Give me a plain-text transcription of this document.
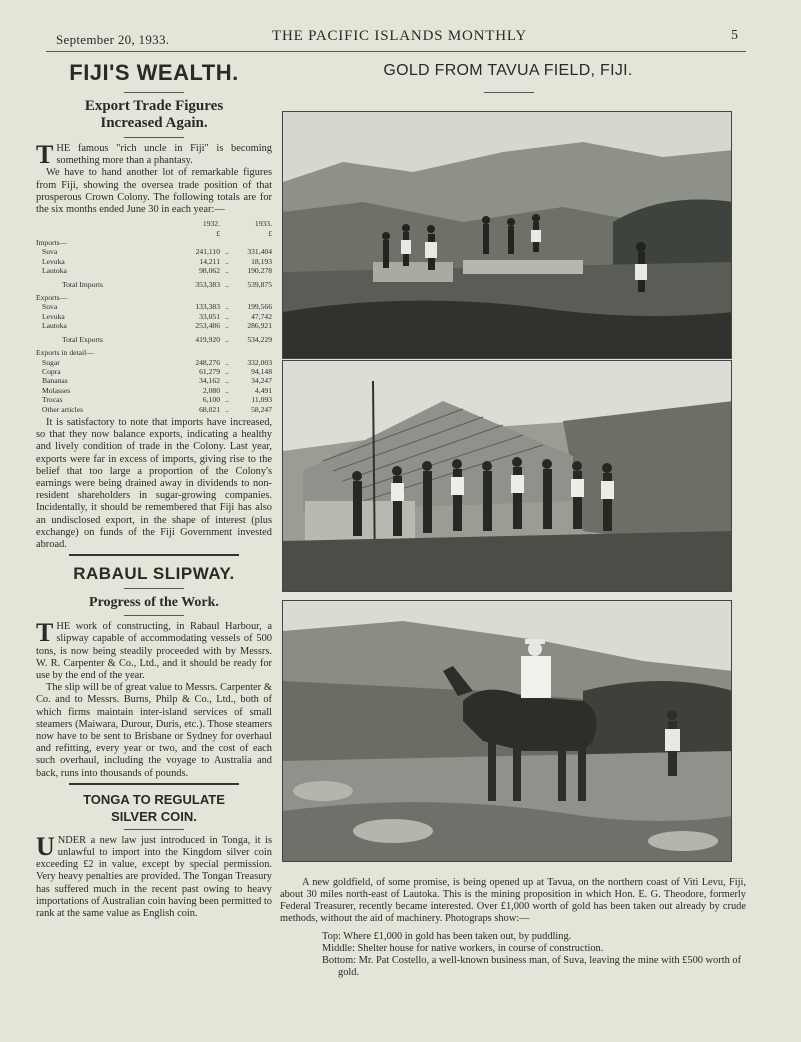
September 20, 1933.	THE PACIFIC ISLANDS MONTHLY	5
FIJI'S WEALTH.
Export Trade Figures
Increased Again.

THE famous "rich uncle in Fiji" is becoming something more than a phantasy.

We have to hand another lot of remarkable figures from Fiji, showing the oversea trade position of that prosperous Crown Colony. The following totals are for the six months ended June 30 in each year:—

	1932.		1933.
	£		£
Imports—			
Suva	241,110	..	331,404
Levuka	14,211	..	18,193
Lautoka	98,062	..	190,278
Total Imports	353,383	..	539,875
Exports—			
Suva	133,383	..	199,566
Levuka	33,051	..	47,742
Lautoka	253,486	..	286,921
Total Exports	419,920	..	534,229
Exports in detail—			
Sugar	248,276	..	332,003
Copra	61,279	..	94,148
Bananas	34,162	..	34,247
Molasses	2,080	..	4,491
Trocas	6,100	..	11,093
Other articles	68,021	..	58,247

It is satisfactory to note that imports have increased, so that they now balance exports, indicating a healthy and lively condition of trade in the Colony. Last year, exports were far in excess of imports, giving rise to the belief that too large a proportion of the Colony's earnings were being drained away in dividends to non-resident shareholders in sugar-growing companies. Incidentally, it should be remembered that Fiji has also an undisclosed export, in the shape of interest (plus exchange) on funds of the Fiji Government invested abroad.

RABAUL SLIPWAY.
Progress of the Work.

THE work of constructing, in Rabaul Harbour, a slipway capable of accommodating vessels of 500 tons, is now being steadily proceeded with by Messrs. W. R. Carpenter & Co., Ltd., and it should be ready for use by the end of the year.

The slip will be of great value to Messrs. Carpenter & Co. and to Messrs. Burns, Philp & Co., Ltd., both of which firms maintain inter-island services of small steamers (Maiwara, Durour, Duris, etc.). Those steamers now have to be sent to Brisbane or Sydney for overhaul and refitting, every year or two, and the cost of each such overhaul, including the voyage to Australia and back, runs into thousands of pounds.

TONGA TO REGULATE
SILVER COIN.

UNDER a new law just introduced in Tonga, it is unlawful to import into the Kingdom silver coin exceeding £2 in value, except by special permission. Very heavy penalties are provided. The Tongan Treasury has suffered much in the recent past owing to heavy importations of Australian coin having been permitted to rank at the same value as English coin.

GOLD FROM TAVUA FIELD, FIJI.

A new goldfield, of some promise, is being opened up at Tavua, on the northern coast of Viti Levu, Fiji, about 30 miles north-east of Lautoka. This is the mining proposition in which Hon. E. G. Theodore, formerly Federal Treasurer, recently became interested. Over £1,000 worth of gold has been taken out already by crude methods, without the aid of machinery. Photograps show:—

Top: Where £1,000 in gold has been taken out, by puddling.
Middle: Shelter house for native workers, in course of construction.
Bottom: Mr. Pat Costello, a well-known business man, of Suva, leaving the mine with £500 worth of gold.
